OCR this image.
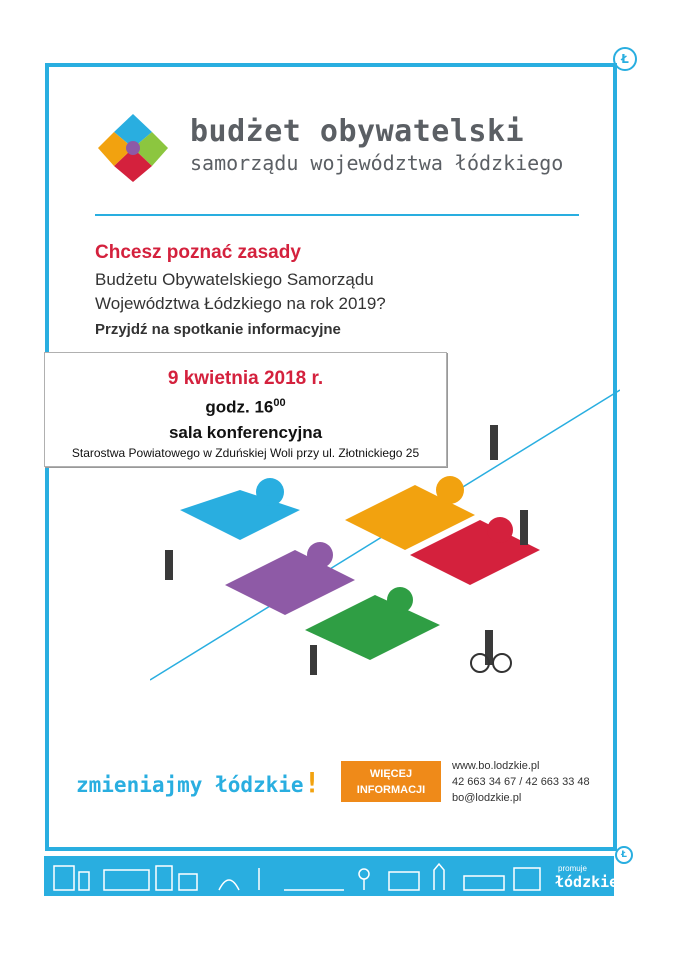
Ł
budżet obywatelski
samorządu województwa łódzkiego
Chcesz poznać zasady
Budżetu Obywatelskiego Samorządu
Województwa Łódzkiego na rok 2019?
Przyjdź na spotkanie informacyjne
9 kwietnia 2018 r.
godz. $16^{00}$
sala konferencyjna
Starostwa Powiatowego w Zduńskiej Woli przy ul. Złotnickiego 25
zmieniajmy łódzkie!	WIĘCEJ
INFORMACJI
www.bo.lodzkie.pl
42 663 34 67 / 42 663 33 48
bo@lodzkie.pl
Ł
promuje
łódzkie
